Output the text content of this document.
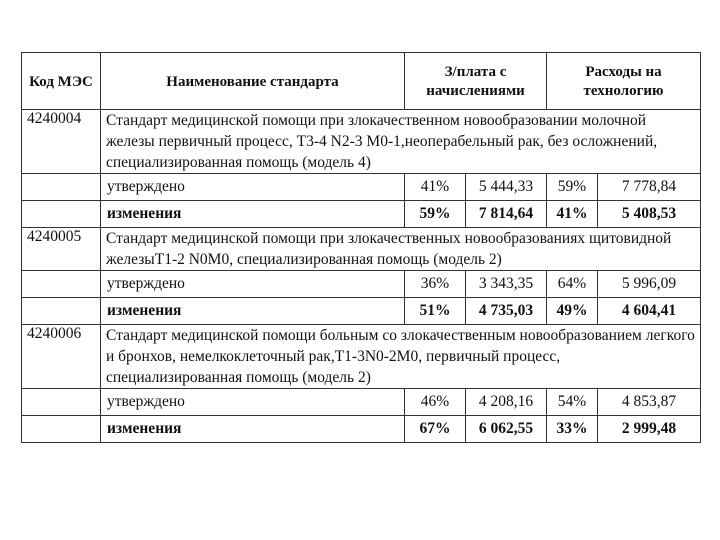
Код МЭС	Наименование стандарта	З/плата с начислениями		Расходы на технологию	
4240004	Стандарт медицинской помощи при злокачественном новообразовании молочной железы первичный процесс, Т3-4 N2-3 M0-1,неоперабельный рак, без осложнений, специализированная помощь (модель 4)				
	утверждено	41%	5 444,33	59%	7 778,84
	изменения	59%	7 814,64	41%	5 408,53
4240005	Стандарт медицинской помощи при злокачественных новообразованиях щитовидной железыТ1-2 N0M0, специализированная помощь (модель 2)				
	утверждено	36%	3 343,35	64%	5 996,09
	изменения	51%	4 735,03	49%	4 604,41
4240006	Стандарт медицинской помощи больным со злокачественным новообразованием легкого и бронхов, немелкоклеточный рак,Т1-3N0-2M0, первичный процесс, специализированная помощь (модель 2)				
	утверждено	46%	4 208,16	54%	4 853,87
	изменения	67%	6 062,55	33%	2 999,48
